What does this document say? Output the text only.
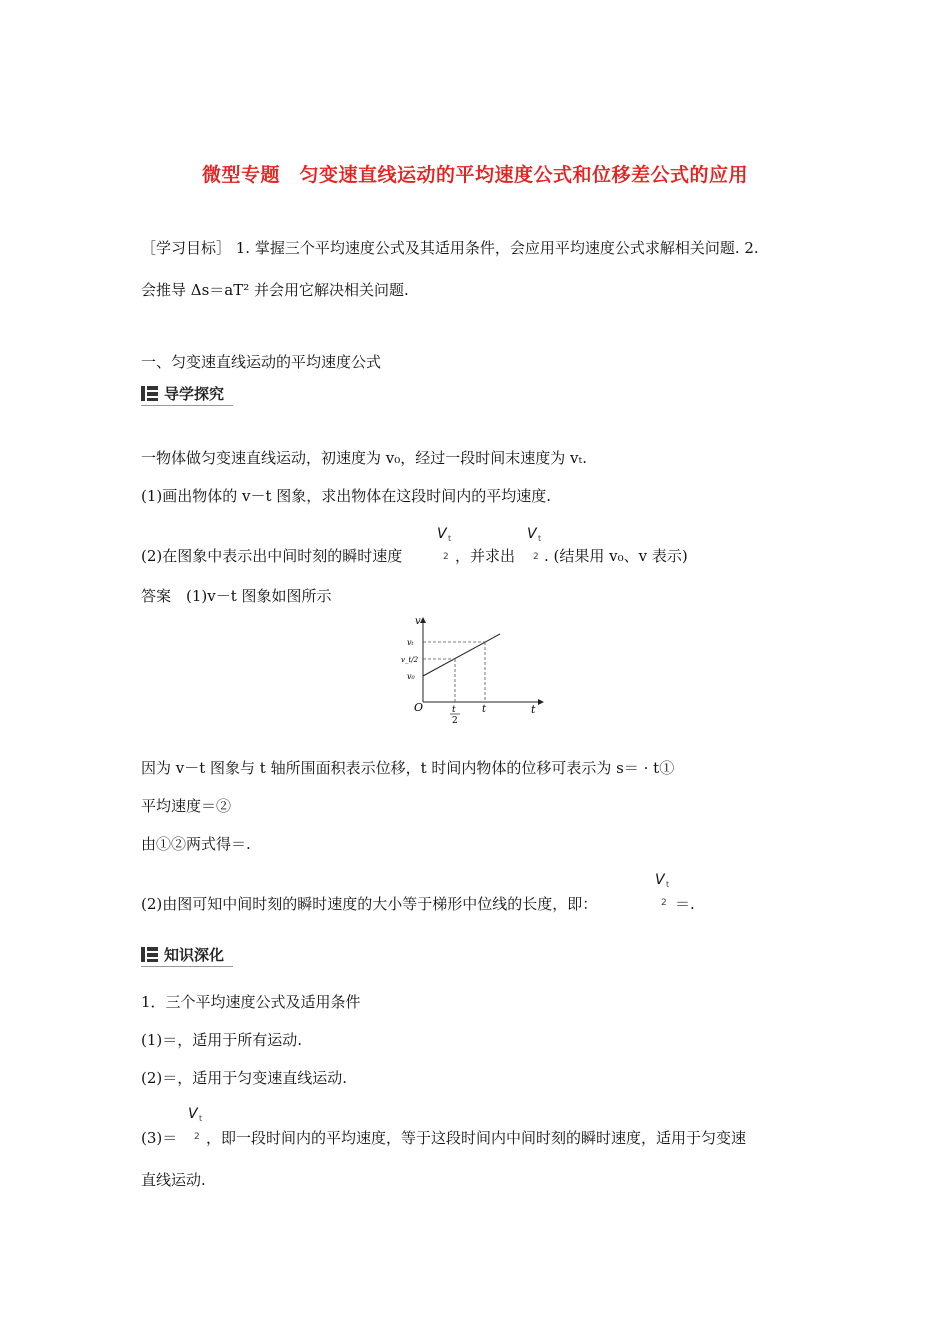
微型专题　匀变速直线运动的平均速度公式和位移差公式的应用
［学习目标］ 1. 掌握三个平均速度公式及其适用条件，会应用平均速度公式求解相关问题. 2.
会推导 Δs＝aT² 并会用它解决相关问题.
一、匀变速直线运动的平均速度公式
导学探究
一物体做匀变速直线运动，初速度为 v₀，经过一段时间末速度为 vₜ.
(1)画出物体的 v－t 图象，求出物体在这段时间内的平均速度.
(2)在图象中表示出中间时刻的瞬时速度
V t
2 ，并求出
V t
2 . (结果用 v₀、v 表示)
答案　(1)v－t 图象如图所示
v
t
O
vₜ
v_t/2
v₀
t
2
t
因为 v－t 图象与 t 轴所围面积表示位移，t 时间内物体的位移可表示为 s＝ · t①
平均速度＝②
由①②两式得＝.
(2)由图可知中间时刻的瞬时速度的大小等于梯形中位线的长度，即：
V t
2 ＝.
知识深化
1．三个平均速度公式及适用条件
(1)＝，适用于所有运动.
(2)＝，适用于匀变速直线运动.
(3)＝
V t
2 ，即一段时间内的平均速度，等于这段时间内中间时刻的瞬时速度，适用于匀变速
直线运动.
